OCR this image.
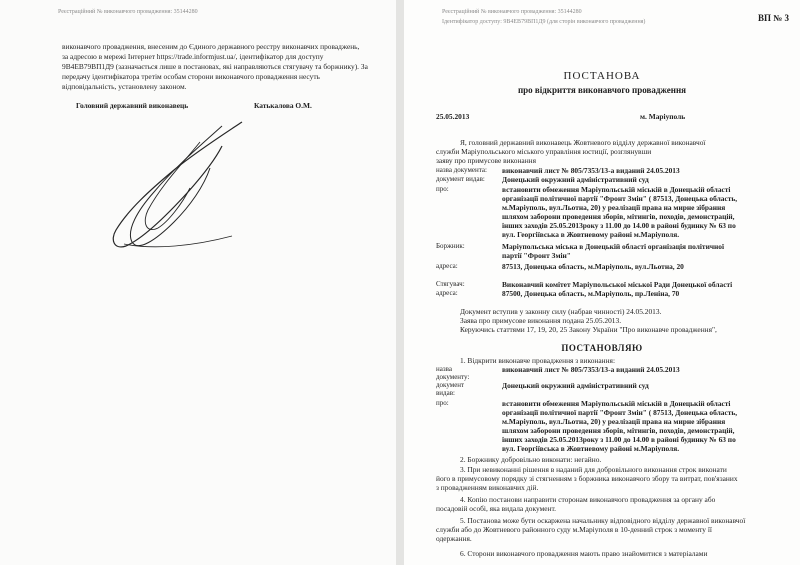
Реєстраційний № виконавчого провадження: 35144280
виконавчого провадження, внесеним до Єдиного державного реєстру виконавчих проваджень,
за адресою в мережі Інтернет https://trade.informjust.ua/, ідентифікатор для доступу
9В4ЕВ79ВП1Д9 (зазначається лише в постановах, які направляються стягувачу та боржнику). За
передачу ідентифікатора третім особам сторони виконавчого провадження несуть
відповідальність, установлену законом.
Головний державний виконавець	Катькалова О.М.
Реєстраційний № виконавчого провадження: 35144280
Ідентифікатор доступу: 9В4ЕВ79ВП1Д9 (для сторін виконавчого провадження)	ВП № 3
ПОСТАНОВА
про відкриття виконавчого провадження
25.05.2013	м. Маріуполь
Я, головний державний виконавець Жовтневого відділу державної виконавчої
служби Маріупольського міського управління юстиції, розглянувши
заяву про примусове виконання
назва документа: виконавчий лист № 805/7353/13-а виданий 24.05.2013
документ видав: Донецький окружний адміністративний суд
про:	встановити обмеження Маріупольській міській в Донецькій області
організації політичної партії "Фронт Змін" ( 87513, Донецька область,
м.Маріуполь, вул.Льотна, 20) у реалізації права на мирне зібрання
шляхом заборони проведення зборів, мітингів, походів, демонстрацій,
інших заходів 25.05.2013року з 11.00 до 14.00 в районі будинку № 63 по
вул. Георгіївська в Жовтневому районі м.Маріуполя.
Боржник:	Маріупольська міська в Донецькій області організація політичної
партії "Фронт Змін"
адреса:	87513, Донецька область, м.Маріуполь, вул.Льотна, 20
Стягувач:	Виконавчий комітет Маріупольської міської Ради Донецької області
адреса:	87500, Донецька область, м.Маріуполь, пр.Леніна, 70
Документ вступив у законну силу (набрав чинності) 24.05.2013.
Заява про примусове виконання подана 25.05.2013.
Керуючись статтями 17, 19, 20, 25 Закону України "Про виконавче провадження",
ПОСТАНОВЛЯЮ
1. Відкрити виконавче провадження з виконання:
назва
документу:
виконавчий лист № 805/7353/13-а виданий 24.05.2013
документ
видав:
Донецький окружний адміністративний суд
про:	встановити обмеження Маріупольській міській в Донецькій області
організації політичної партії "Фронт Змін" ( 87513, Донецька область,
м.Маріуполь, вул.Льотна, 20) у реалізації права на мирне зібрання
шляхом заборони проведення зборів, мітингів, походів, демонстрацій,
інших заходів 25.05.2013року з 11.00 до 14.00 в районі будинку № 63 по
вул. Георгіївська в Жовтневому районі м.Маріуполя.
2. Боржнику добровільно виконати: негайно.
3. При невиконанні рішення в наданий для добровільного виконання строк виконати
його в примусовому порядку зі стягненням з боржника виконавчого збору та витрат, пов'язаних
з провадженням виконавчих дій.
4. Копію постанови направити сторонам виконавчого провадження за органу або
посадовій особі, яка видала документ.
5. Постанова може бути оскаржена начальнику відповідного відділу державної виконавчої
служби або до Жовтневого районного суду м.Маріуполя в 10-денний строк з моменту її
одержання.
6. Сторони виконавчого провадження мають право знайомитися з матеріалами
